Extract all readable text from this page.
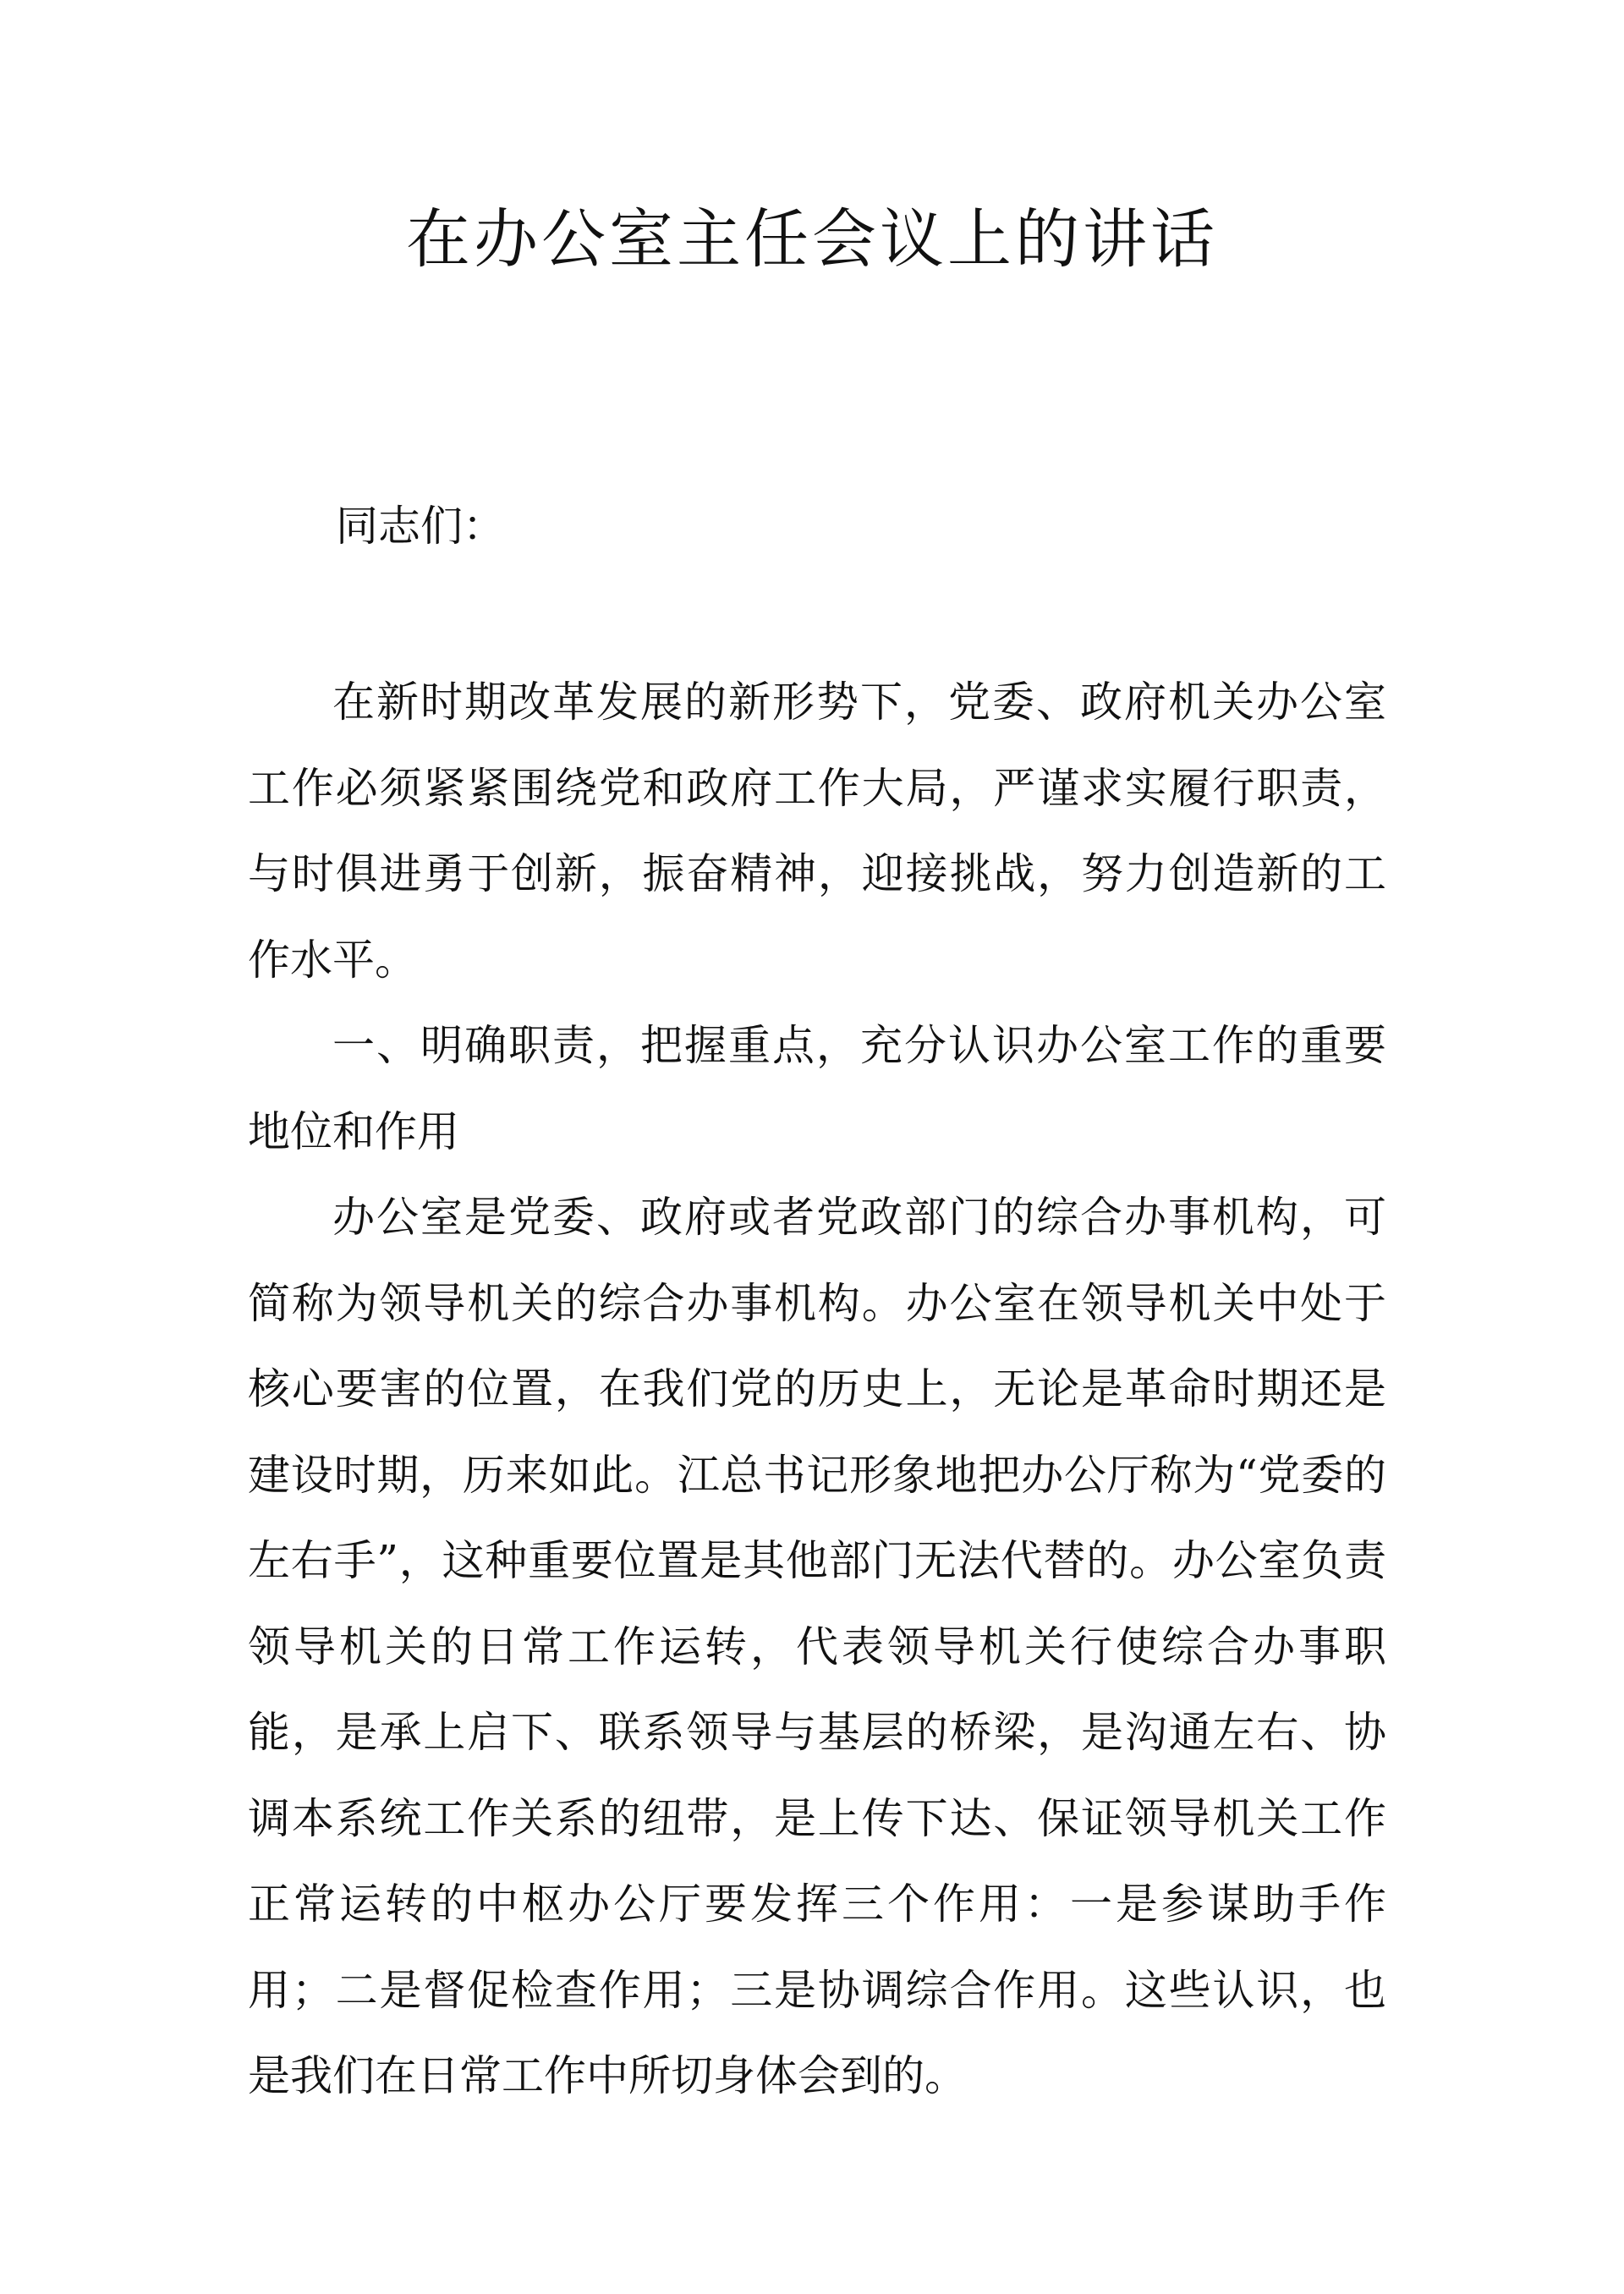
在办公室主任会议上的讲话

同志们：

在新时期改革发展的新形势下，党委、政府机关办公室工作必须紧紧围绕党和政府工作大局，严谨求实履行职责，与时俱进勇于创新，振奋精神，迎接挑战，努力创造新的工作水平。

一、明确职责，把握重点，充分认识办公室工作的重要地位和作用

办公室是党委、政府或者党政部门的综合办事机构，可简称为领导机关的综合办事机构。办公室在领导机关中处于核心要害的位置，在我们党的历史上，无论是革命时期还是建设时期，历来如此。江总书记形象地把办公厅称为“党委的左右手”，这种重要位置是其他部门无法代替的。办公室负责领导机关的日常工作运转，代表领导机关行使综合办事职能，是承上启下、联系领导与基层的桥梁，是沟通左右、协调本系统工作关系的纽带，是上传下达、保证领导机关工作正常运转的中枢办公厅要发挥三个作用：一是参谋助手作用；二是督促检查作用；三是协调综合作用。这些认识，也是我们在日常工作中所切身体会到的。
